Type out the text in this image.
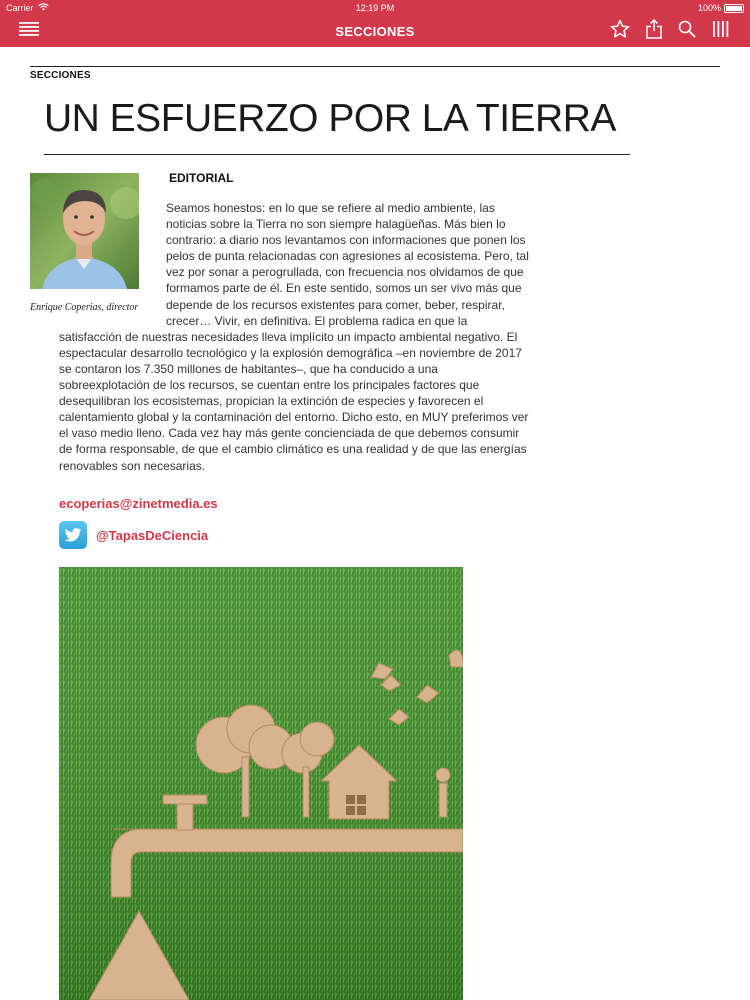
Carrier	12:19 PM	100%
SECCIONES
SECCIONES
UN ESFUERZO POR LA TIERRA
Enrique Coperias, director
EDITORIAL
Seamos honestos: en lo que se refiere al medio ambiente, las noticias sobre la Tierra no son siempre halagüeñas. Más bien lo contrario: a diario nos levantamos con informaciones que ponen los pelos de punta relacionadas con agresiones al ecosistema. Pero, tal vez por sonar a perogrullada, con frecuencia nos olvidamos de que formamos parte de él. En este sentido, somos un ser vivo más que depende de los recursos existentes para comer, beber, respirar, crecer… Vivir, en definitiva. El problema radica en que la satisfacción de nuestras necesidades lleva implícito un impacto ambiental negativo. El espectacular desarrollo tecnológico y la explosión demográfica –en noviembre de 2017 se contaron los 7.350 millones de habitantes–, que ha conducido a una sobreexplotación de los recursos, se cuentan entre los principales factores que desequilibran los ecosistemas, propician la extinción de especies y favorecen el calentamiento global y la contaminación del entorno. Dicho esto, en MUY preferimos ver el vaso medio lleno. Cada vez hay más gente concienciada de que debemos consumir de forma responsable, de que el cambio climático es una realidad y de que las energías renovables son necesarias.
ecoperias@zinetmedia.es
@TapasDeCiencia
